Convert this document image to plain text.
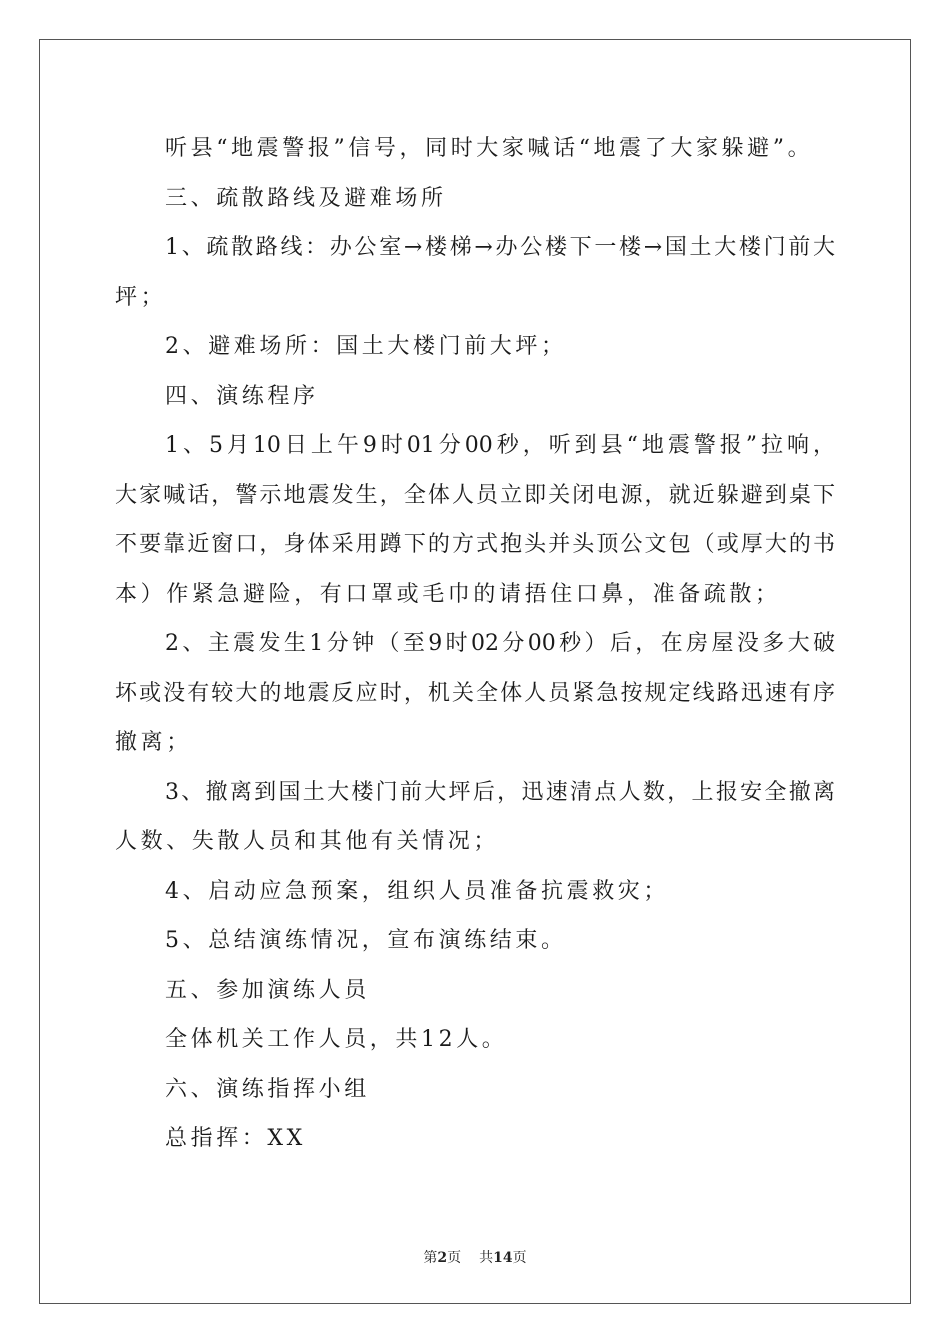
听县“地震警报”信号，同时大家喊话“地震了大家躲避”。
三、疏散路线及避难场所
1、疏散路线：办公室→楼梯→办公楼下一楼→国土大楼门前大
坪；
2、避难场所：国土大楼门前大坪；
四、演练程序
1、5月10日上午9时01分00秒，听到县“地震警报”拉响，
大家喊话，警示地震发生，全体人员立即关闭电源，就近躲避到桌下
不要靠近窗口，身体采用蹲下的方式抱头并头顶公文包（或厚大的书
本）作紧急避险，有口罩或毛巾的请捂住口鼻，准备疏散；
2、主震发生1分钟（至9时02分00秒）后，在房屋没多大破
坏或没有较大的地震反应时，机关全体人员紧急按规定线路迅速有序
撤离；
3、撤离到国土大楼门前大坪后，迅速清点人数，上报安全撤离
人数、失散人员和其他有关情况；
4、启动应急预案，组织人员准备抗震救灾；
5、总结演练情况，宣布演练结束。
五、参加演练人员
全体机关工作人员，共12人。
六、演练指挥小组
总指挥：XX
第2页 共14页
